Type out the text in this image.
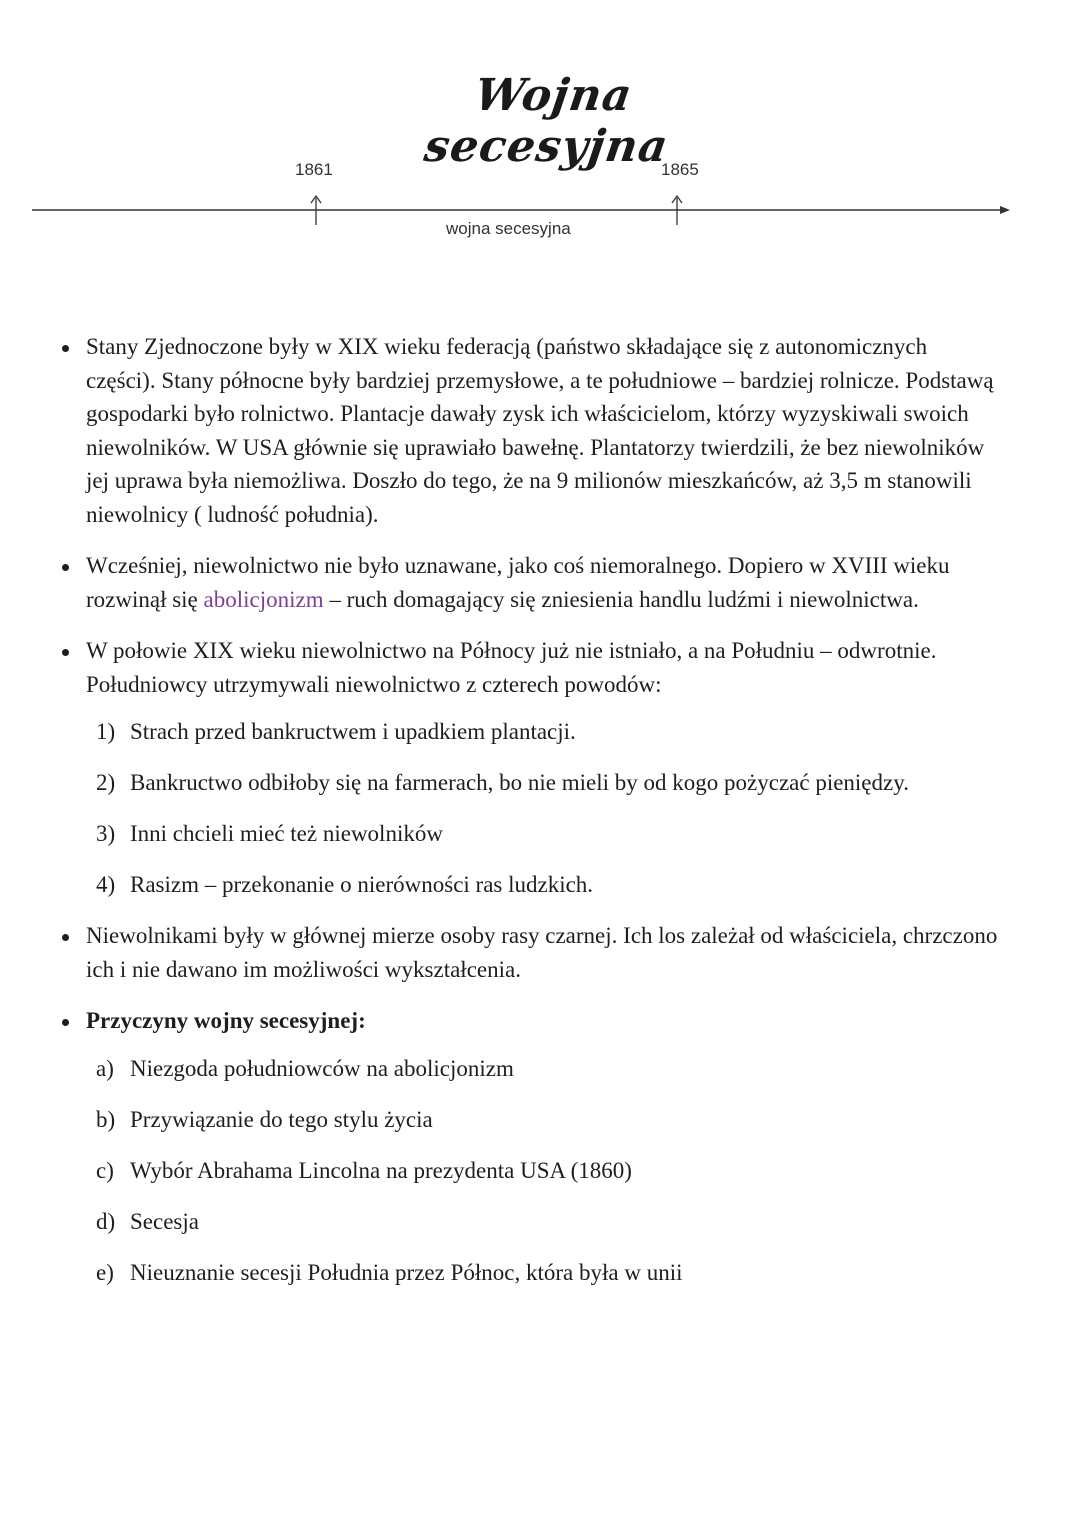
Wojna secesyjna
1861	1865
wojna secesyjna
Stany Zjednoczone były w XIX wieku federacją (państwo składające się z autonomicznych części). Stany północne były bardziej przemysłowe, a te południowe – bardziej rolnicze. Podstawą gospodarki było rolnictwo. Plantacje dawały zysk ich właścicielom, którzy wyzyskiwali swoich niewolników. W USA głównie się uprawiało bawełnę. Plantatorzy twierdzili, że bez niewolników jej uprawa była niemożliwa. Doszło do tego, że na 9 milionów mieszkańców, aż 3,5 m stanowili niewolnicy ( ludność południa).
Wcześniej, niewolnictwo nie było uznawane, jako coś niemoralnego. Dopiero w XVIII wieku rozwinął się abolicjonizm – ruch domagający się zniesienia handlu ludźmi i niewolnictwa.
W połowie XIX wieku niewolnictwo na Północy już nie istniało, a na Południu – odwrotnie. Południowcy utrzymywali niewolnictwo z czterech powodów:
1) Strach przed bankructwem i upadkiem plantacji.
2) Bankructwo odbiłoby się na farmerach, bo nie mieli by od kogo pożyczać pieniędzy.
3) Inni chcieli mieć też niewolników
4) Rasizm – przekonanie o nierówności ras ludzkich.
Niewolnikami były w głównej mierze osoby rasy czarnej. Ich los zależał od właściciela, chrzczono ich i nie dawano im możliwości wykształcenia.
Przyczyny wojny secesyjnej:
a) Niezgoda południowców na abolicjonizm
b) Przywiązanie do tego stylu życia
c) Wybór Abrahama Lincolna na prezydenta USA (1860)
d) Secesja
e) Nieuznanie secesji Południa przez Północ, która była w unii
